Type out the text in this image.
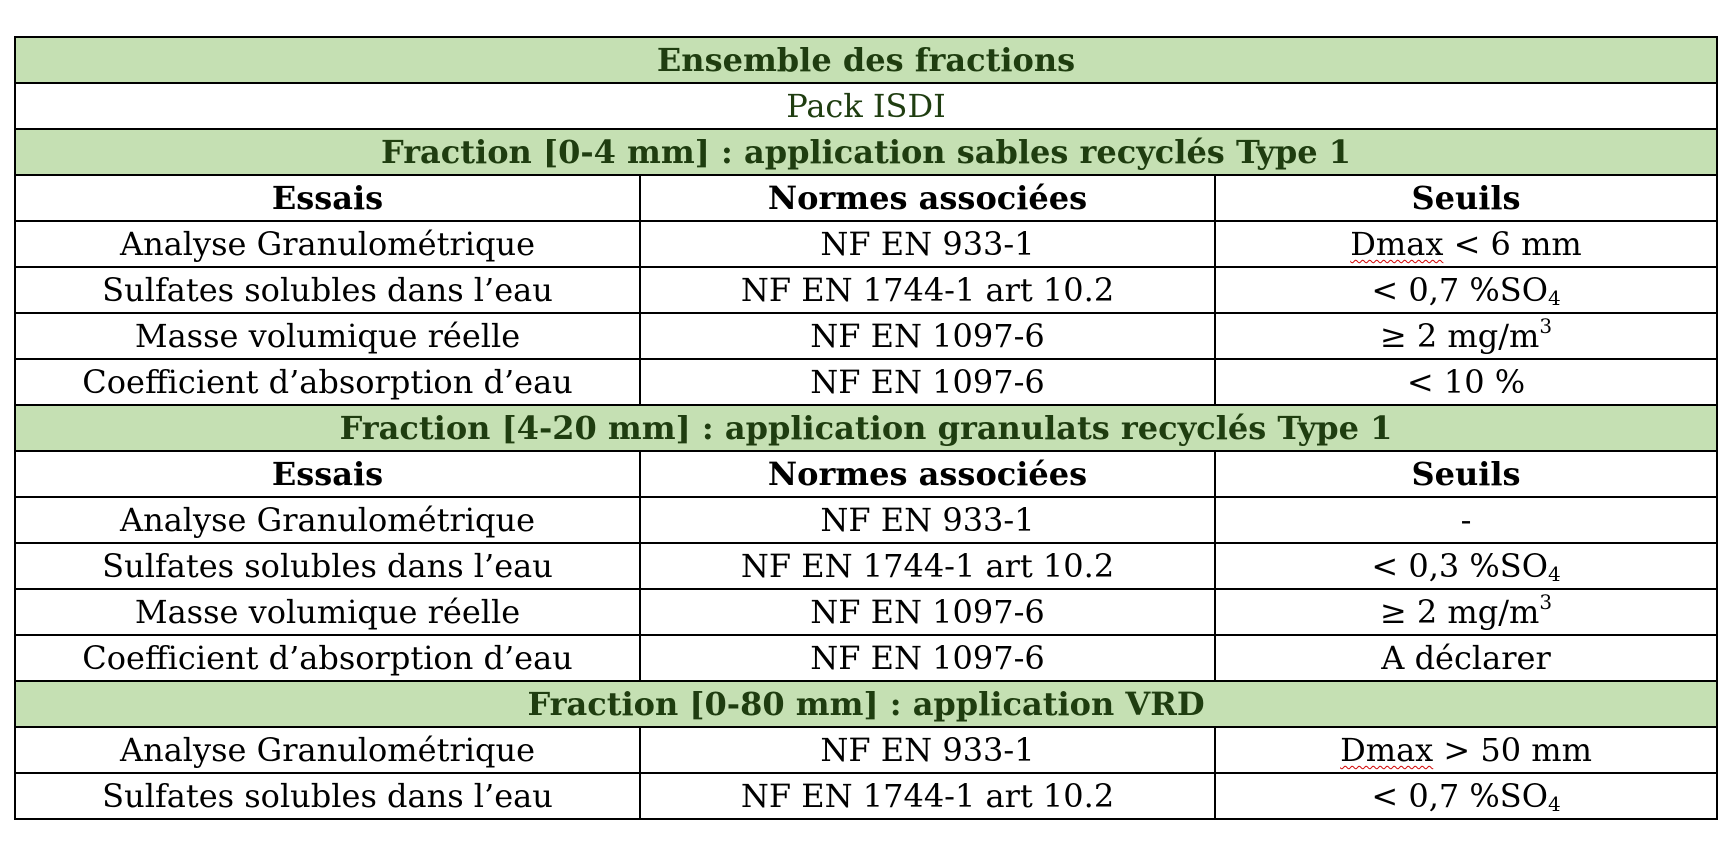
Ensemble des fractions		
Pack ISDI		
Fraction [0-4 mm] : application sables recyclés Type 1		
Essais	Normes associées	Seuils
Analyse Granulométrique	NF EN 933-1	Dmax < 6 mm
Sulfates solubles dans l’eau	NF EN 1744-1 art 10.2	< 0,7 $\%SO_4$
Masse volumique réelle	NF EN 1097-6	≥ 2 $mg/m^3$
Coefficient d’absorption d’eau	NF EN 1097-6	< 10 %
Fraction [4-20 mm] : application granulats recyclés Type 1		
Essais	Normes associées	Seuils
Analyse Granulométrique	NF EN 933-1	-
Sulfates solubles dans l’eau	NF EN 1744-1 art 10.2	< 0,3 $\%SO_4$
Masse volumique réelle	NF EN 1097-6	≥ 2 $mg/m^3$
Coefficient d’absorption d’eau	NF EN 1097-6	A déclarer
Fraction [0-80 mm] : application VRD		
Analyse Granulométrique	NF EN 933-1	Dmax > 50 mm
Sulfates solubles dans l’eau	NF EN 1744-1 art 10.2	< 0,7 $\%SO_4$
